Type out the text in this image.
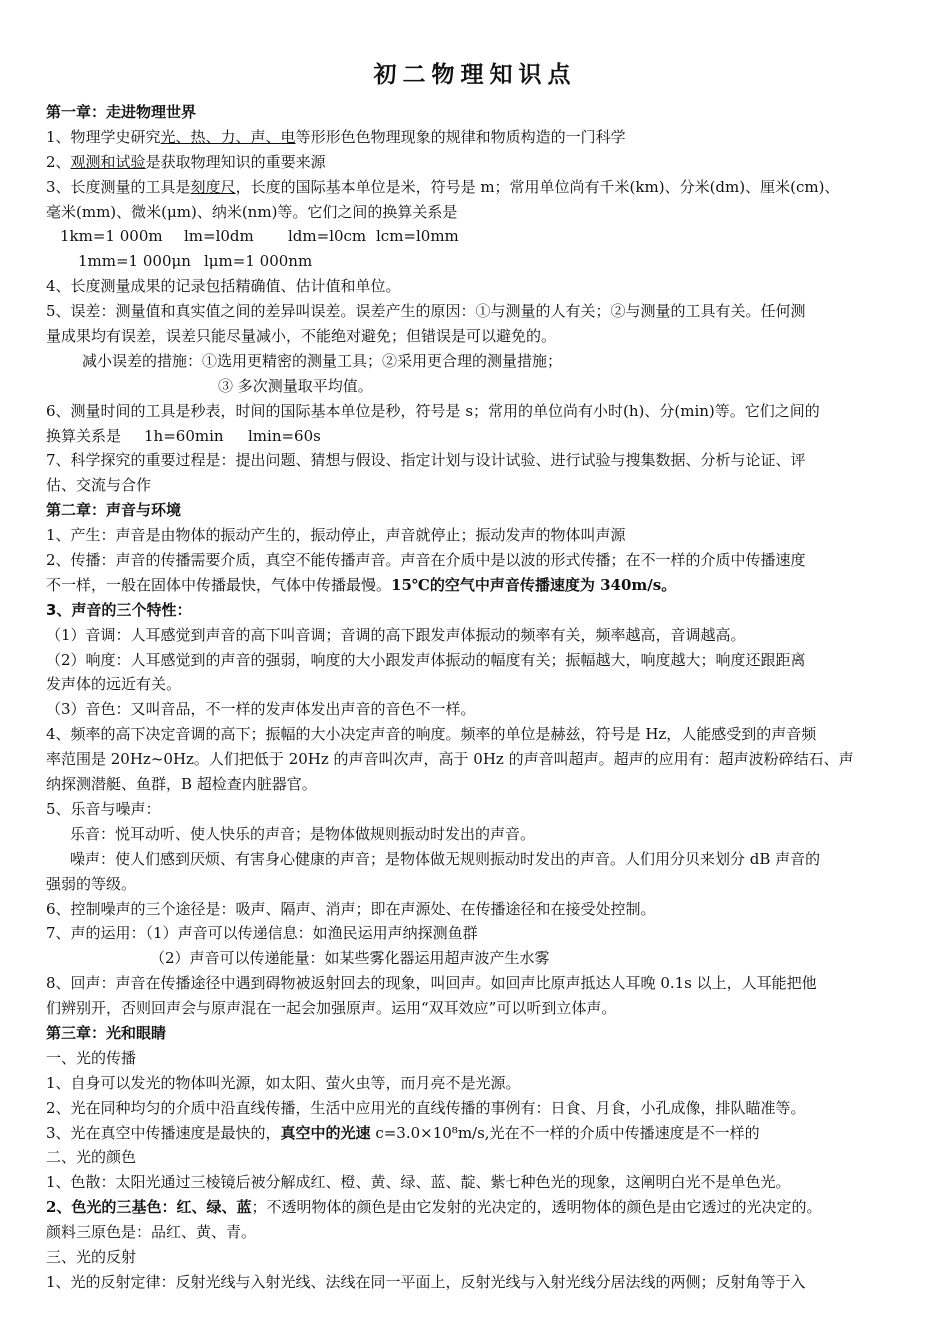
初二物理知识点
第一章：走进物理世界
1、物理学史研究光、热、力、声、电等形形色色物理现象的规律和物质构造的一门科学
2、观测和试验是获取物理知识的重要来源
3、长度测量的工具是刻度尺，长度的国际基本单位是米，符号是 m；常用单位尚有千米(km)、分米(dm)、厘米(cm)、
毫米(mm)、微米(μm)、纳米(nm)等。它们之间的换算关系是
1km=1 000m lm=l0dm ldm=l0cm lcm=l0mm
1mm=1 000μn lμm=1 000nm
4、长度测量成果的记录包括精确值、估计值和单位。
5、误差：测量值和真实值之间的差异叫误差。误差产生的原因：①与测量的人有关；②与测量的工具有关。任何测
量成果均有误差，误差只能尽量减小，不能绝对避免；但错误是可以避免的。
减小误差的措施：①选用更精密的测量工具；②采用更合理的测量措施；
③ 多次测量取平均值。
6、测量时间的工具是秒表，时间的国际基本单位是秒，符号是 s；常用的单位尚有小时(h)、分(min)等。它们之间的
换算关系是 1h=60min lmin=60s
7、科学探究的重要过程是：提出问题、猜想与假设、指定计划与设计试验、进行试验与搜集数据、分析与论证、评
估、交流与合作
第二章：声音与环境
1、产生：声音是由物体的振动产生的，振动停止，声音就停止；振动发声的物体叫声源
2、传播：声音的传播需要介质，真空不能传播声音。声音在介质中是以波的形式传播；在不一样的介质中传播速度
不一样，一般在固体中传播最快，气体中传播最慢。15℃的空气中声音传播速度为 340m/s。
3、声音的三个特性：
（1）音调：人耳感觉到声音的高下叫音调；音调的高下跟发声体振动的频率有关，频率越高，音调越高。
（2）响度：人耳感觉到的声音的强弱，响度的大小跟发声体振动的幅度有关；振幅越大，响度越大；响度还跟距离
发声体的远近有关。
（3）音色：又叫音品，不一样的发声体发出声音的音色不一样。
4、频率的高下决定音调的高下；振幅的大小决定声音的响度。频率的单位是赫兹，符号是 Hz，人能感受到的声音频
率范围是 20Hz~0Hz。人们把低于 20Hz 的声音叫次声，高于 0Hz 的声音叫超声。超声的应用有：超声波粉碎结石、声
纳探测潜艇、鱼群，B 超检查内脏器官。
5、乐音与噪声：
乐音：悦耳动听、使人快乐的声音；是物体做规则振动时发出的声音。
噪声：使人们感到厌烦、有害身心健康的声音；是物体做无规则振动时发出的声音。人们用分贝来划分 dB 声音的
强弱的等级。
6、控制噪声的三个途径是：吸声、隔声、消声；即在声源处、在传播途径和在接受处控制。
7、声的运用：（1）声音可以传递信息：如渔民运用声纳探测鱼群
（2）声音可以传递能量：如某些雾化器运用超声波产生水雾
8、回声：声音在传播途径中遇到碍物被返射回去的现象，叫回声。如回声比原声抵达人耳晚 0.1s 以上，人耳能把他
们辨别开，否则回声会与原声混在一起会加强原声。运用“双耳效应”可以听到立体声。
第三章：光和眼睛
一、光的传播
1、自身可以发光的物体叫光源，如太阳、萤火虫等，而月亮不是光源。
2、光在同种均匀的介质中沿直线传播，生活中应用光的直线传播的事例有：日食、月食，小孔成像，排队瞄准等。
3、光在真空中传播速度是最快的，真空中的光速 c=3.0×10⁸m/s,光在不一样的介质中传播速度是不一样的
二、光的颜色
1、色散：太阳光通过三棱镜后被分解成红、橙、黄、绿、蓝、靛、紫七种色光的现象，这阐明白光不是单色光。
2、色光的三基色：红、绿、蓝；不透明物体的颜色是由它发射的光决定的，透明物体的颜色是由它透过的光决定的。
颜料三原色是：品红、黄、青。
三、光的反射
1、光的反射定律：反射光线与入射光线、法线在同一平面上，反射光线与入射光线分居法线的两侧；反射角等于入
